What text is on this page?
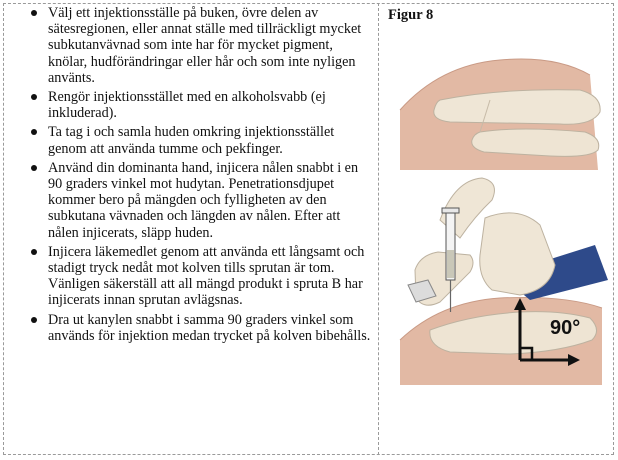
Välj ett injektionsställe på buken, övre delen av sätesregionen, eller annat ställe med tillräckligt mycket subkutanvävnad som inte har för mycket pigment, knölar, hudförändringar eller hår och som inte nyligen använts.
Rengör injektionsstället med en alkoholsvabb (ej inkluderad).
Ta tag i och samla huden omkring injektionsstället genom att använda tumme och pekfinger.
Använd din dominanta hand, injicera nålen snabbt i en 90 graders vinkel mot hudytan. Penetrationsdjupet kommer bero på mängden och fylligheten av den subkutana vävnaden och längden av nålen. Efter att nålen injicerats, släpp huden.
Injicera läkemedlet genom att använda ett långsamt och stadigt tryck nedåt mot kolven tills sprutan är tom. Vänligen säkerställ att all mängd produkt i spruta B har injicerats innan sprutan avlägsnas.
Dra ut kanylen snabbt i samma 90 graders vinkel som används för injektion medan trycket på kolven bibehålls.
Figur 8
90°
